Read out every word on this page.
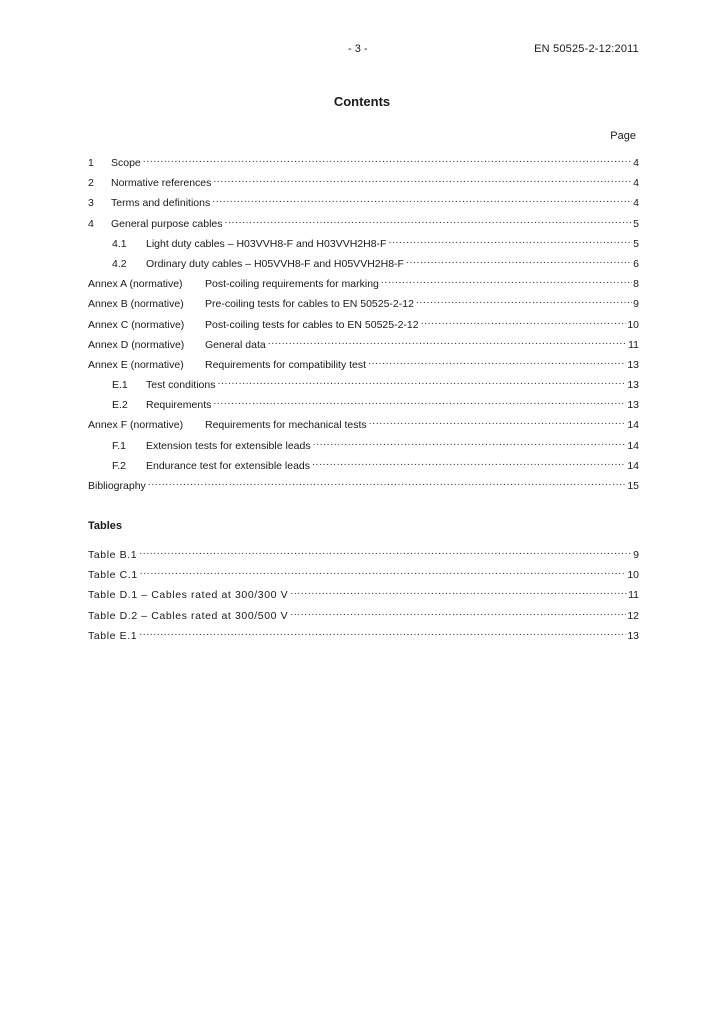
- 3 -	EN 50525-2-12:2011
Contents
Page
1	Scope .....	4
2	Normative references .....	4
3	Terms and definitions .....	4
4	General purpose cables .....	5
4.1	Light duty cables – H03VVH8-F and H03VVH2H8-F .....	5
4.2	Ordinary duty cables – H05VVH8-F and H05VVH2H8-F .....	6
Annex A (normative)	Post-coiling requirements for marking .....	8
Annex B (normative)	Pre-coiling tests for cables to EN 50525-2-12 .....	9
Annex C (normative)	Post-coiling tests for cables to EN 50525-2-12 .....	10
Annex D (normative)	General data .....	11
Annex E (normative)	Requirements for compatibility test .....	13
E.1	Test conditions .....	13
E.2	Requirements .....	13
Annex F (normative)	Requirements for mechanical tests .....	14
F.1	Extension tests for extensible leads .....	14
F.2	Endurance test for extensible leads .....	14
Bibliography .....	15
Tables
Table B.1 .....	9
Table C.1 .....	10
Table D.1 – Cables rated at 300/300 V .....	11
Table D.2 – Cables rated at 300/500 V .....	12
Table E.1 .....	13
